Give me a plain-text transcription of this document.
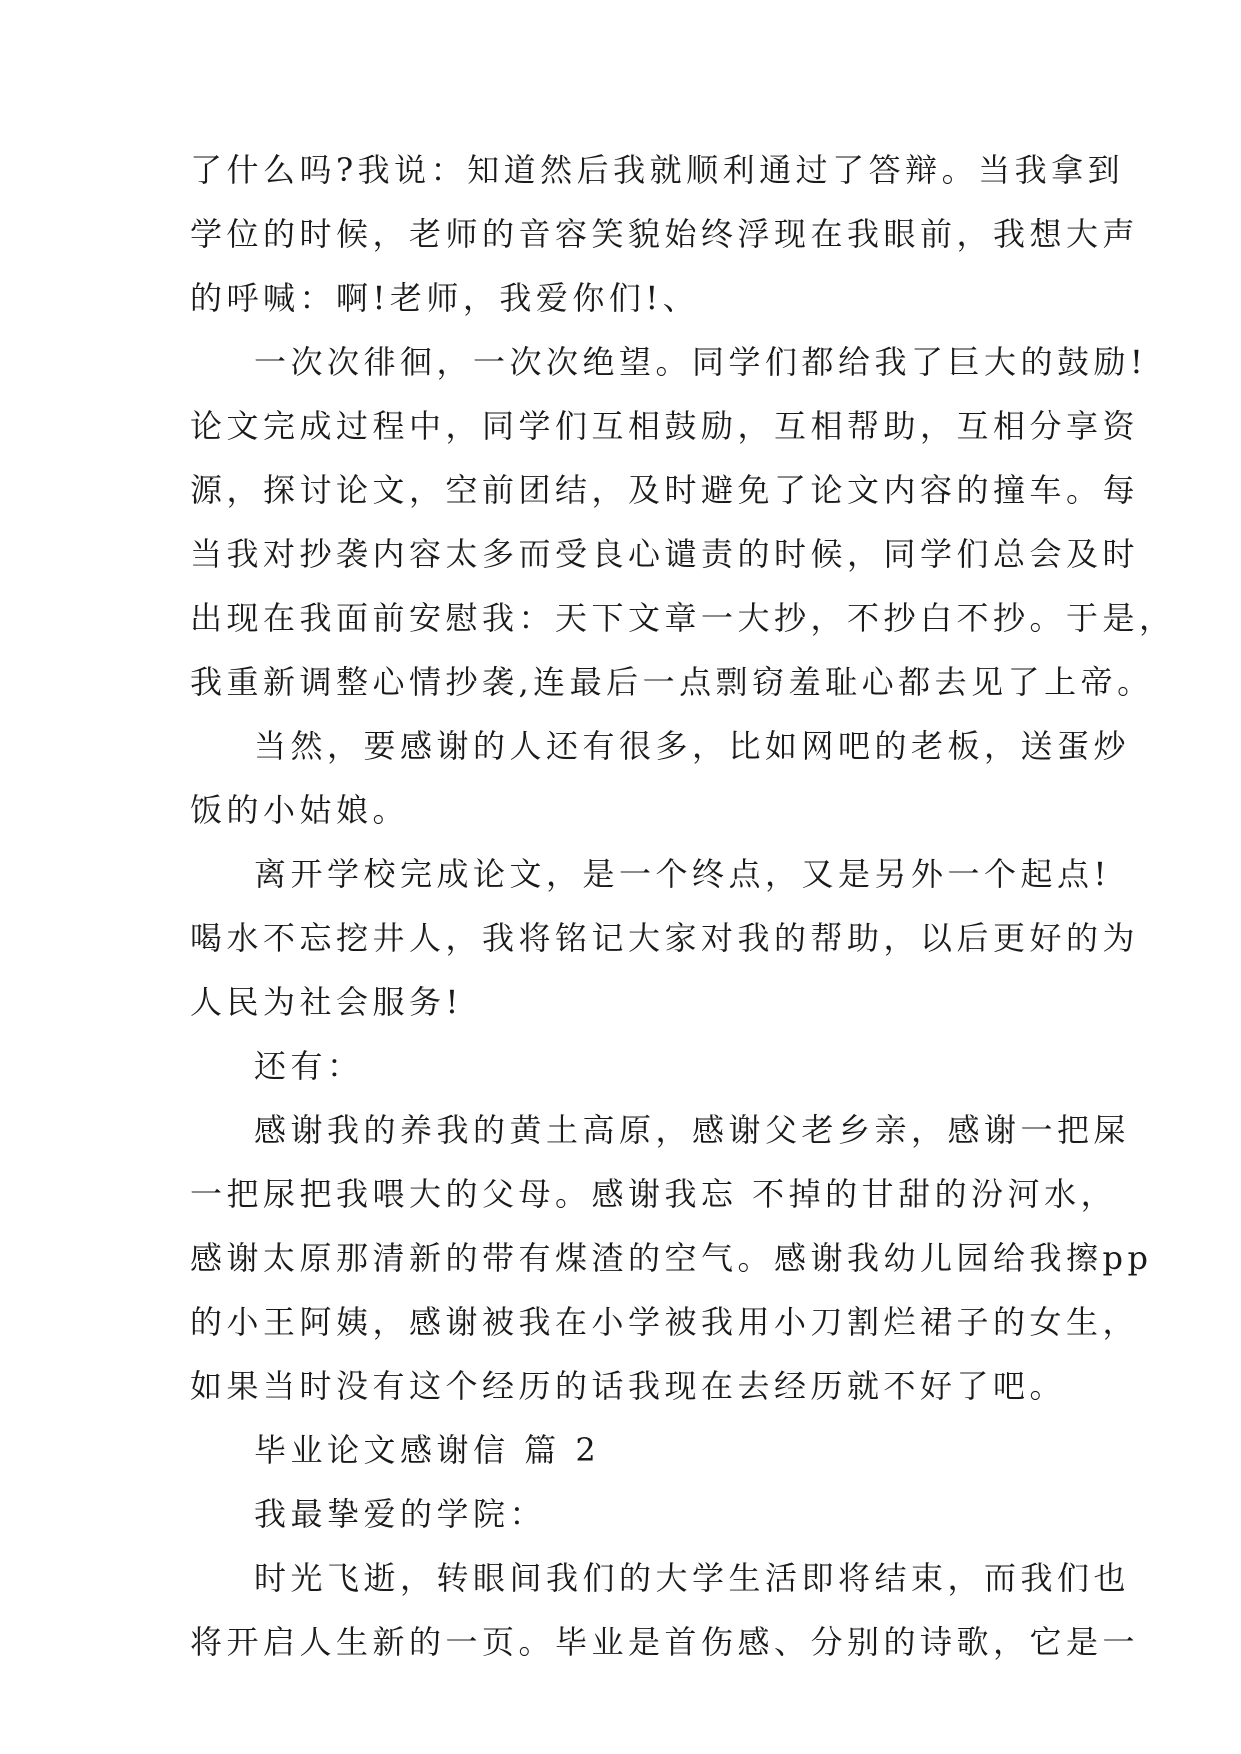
了什么吗?我说：知道然后我就顺利通过了答辩。当我拿到
学位的时候，老师的音容笑貌始终浮现在我眼前，我想大声
的呼喊：啊!老师，我爱你们!、
一次次徘徊，一次次绝望。同学们都给我了巨大的鼓励!
论文完成过程中，同学们互相鼓励，互相帮助，互相分享资
源，探讨论文，空前团结，及时避免了论文内容的撞车。每
当我对抄袭内容太多而受良心谴责的时候，同学们总会及时
出现在我面前安慰我：天下文章一大抄，不抄白不抄。于是，
我重新调整心情抄袭,连最后一点剽窃羞耻心都去见了上帝。
当然，要感谢的人还有很多，比如网吧的老板，送蛋炒
饭的小姑娘。
离开学校完成论文，是一个终点，又是另外一个起点!
喝水不忘挖井人，我将铭记大家对我的帮助，以后更好的为
人民为社会服务!
还有：
感谢我的养我的黄土高原，感谢父老乡亲，感谢一把屎
一把尿把我喂大的父母。感谢我忘 不掉的甘甜的汾河水，
感谢太原那清新的带有煤渣的空气。感谢我幼儿园给我擦pp
的小王阿姨，感谢被我在小学被我用小刀割烂裙子的女生，
如果当时没有这个经历的话我现在去经历就不好了吧。
毕业论文感谢信 篇 2
我最挚爱的学院：
时光飞逝，转眼间我们的大学生活即将结束，而我们也
将开启人生新的一页。毕业是首伤感、分别的诗歌，它是一
